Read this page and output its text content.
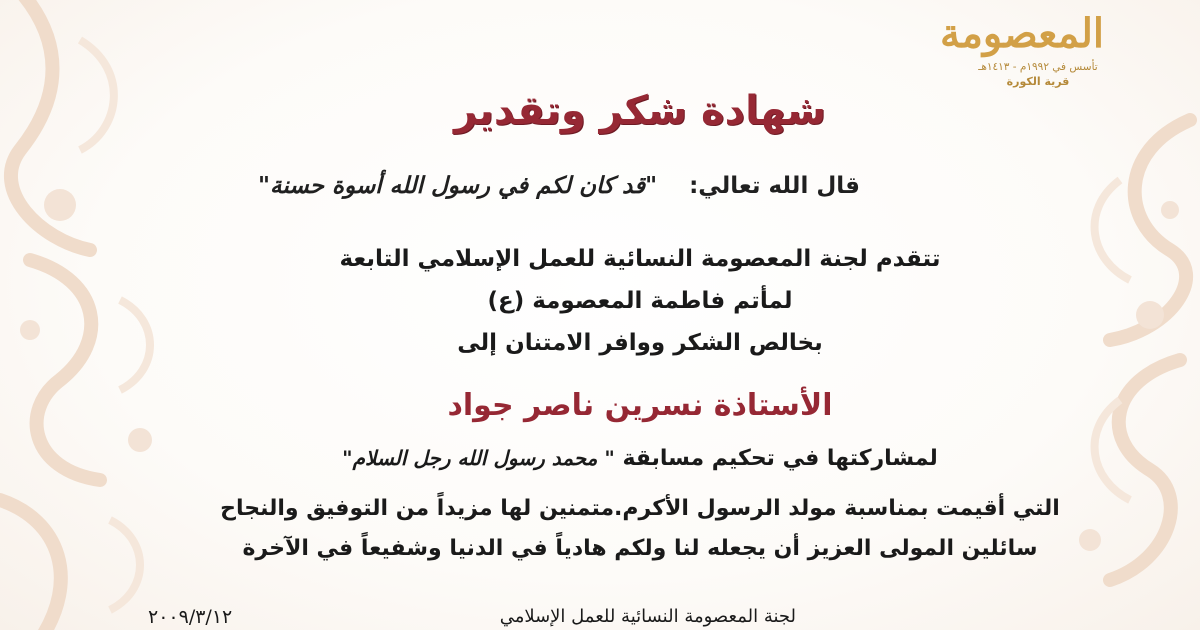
المعصومة
تأسس في ١٩٩٢م - ١٤١٣هـ
قرية الكورة
شهادة شكر وتقدير
قال الله تعالي:    "قد كان لكم في رسول الله أسوة حسنة"
تتقدم لجنة المعصومة النسائية للعمل الإسلامي التابعة
لمأتم فاطمة المعصومة (ع)
بخالص الشكر ووافر الامتنان إلى
الأستاذة نسرين ناصر جواد
لمشاركتها في تحكيم مسابقة " محمد رسول الله رجل السلام"
التي أقيمت بمناسبة مولد الرسول الأكرم.متمنين لها مزيداً من التوفيق والنجاح
سائلين المولى العزيز أن يجعله لنا ولكم هادياً في الدنيا وشفيعاً في الآخرة
لجنة المعصومة النسائية للعمل الإسلامي
٢٠٠٩/٣/١٢
